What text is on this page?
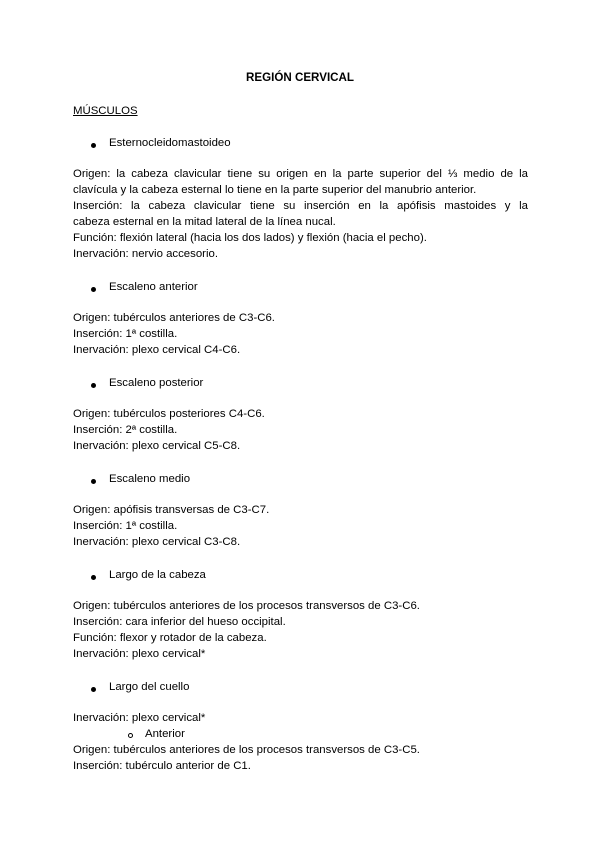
REGIÓN CERVICAL
MÚSCULOS
Esternocleidomastoideo
Origen: la cabeza clavicular tiene su origen en la parte superior del ⅓ medio de la
clavícula y la cabeza esternal lo tiene en la parte superior del manubrio anterior.
Inserción: la cabeza clavicular tiene su inserción en la apófisis mastoides y la
cabeza esternal en la mitad lateral de la línea nucal.
Función: flexión lateral (hacia los dos lados) y flexión (hacia el pecho).
Inervación: nervio accesorio.
Escaleno anterior
Origen: tubérculos anteriores de C3-C6.
Inserción: 1ª costilla.
Inervación: plexo cervical C4-C6.
Escaleno posterior
Origen: tubérculos posteriores C4-C6.
Inserción: 2ª costilla.
Inervación: plexo cervical C5-C8.
Escaleno medio
Origen: apófisis transversas de C3-C7.
Inserción: 1ª costilla.
Inervación: plexo cervical C3-C8.
Largo de la cabeza
Origen: tubérculos anteriores de los procesos transversos de C3-C6.
Inserción: cara inferior del hueso occipital.
Función: flexor y rotador de la cabeza.
Inervación: plexo cervical*
Largo del cuello
Inervación: plexo cervical*
Anterior
Origen: tubérculos anteriores de los procesos transversos de C3-C5.
Inserción: tubérculo anterior de C1.
